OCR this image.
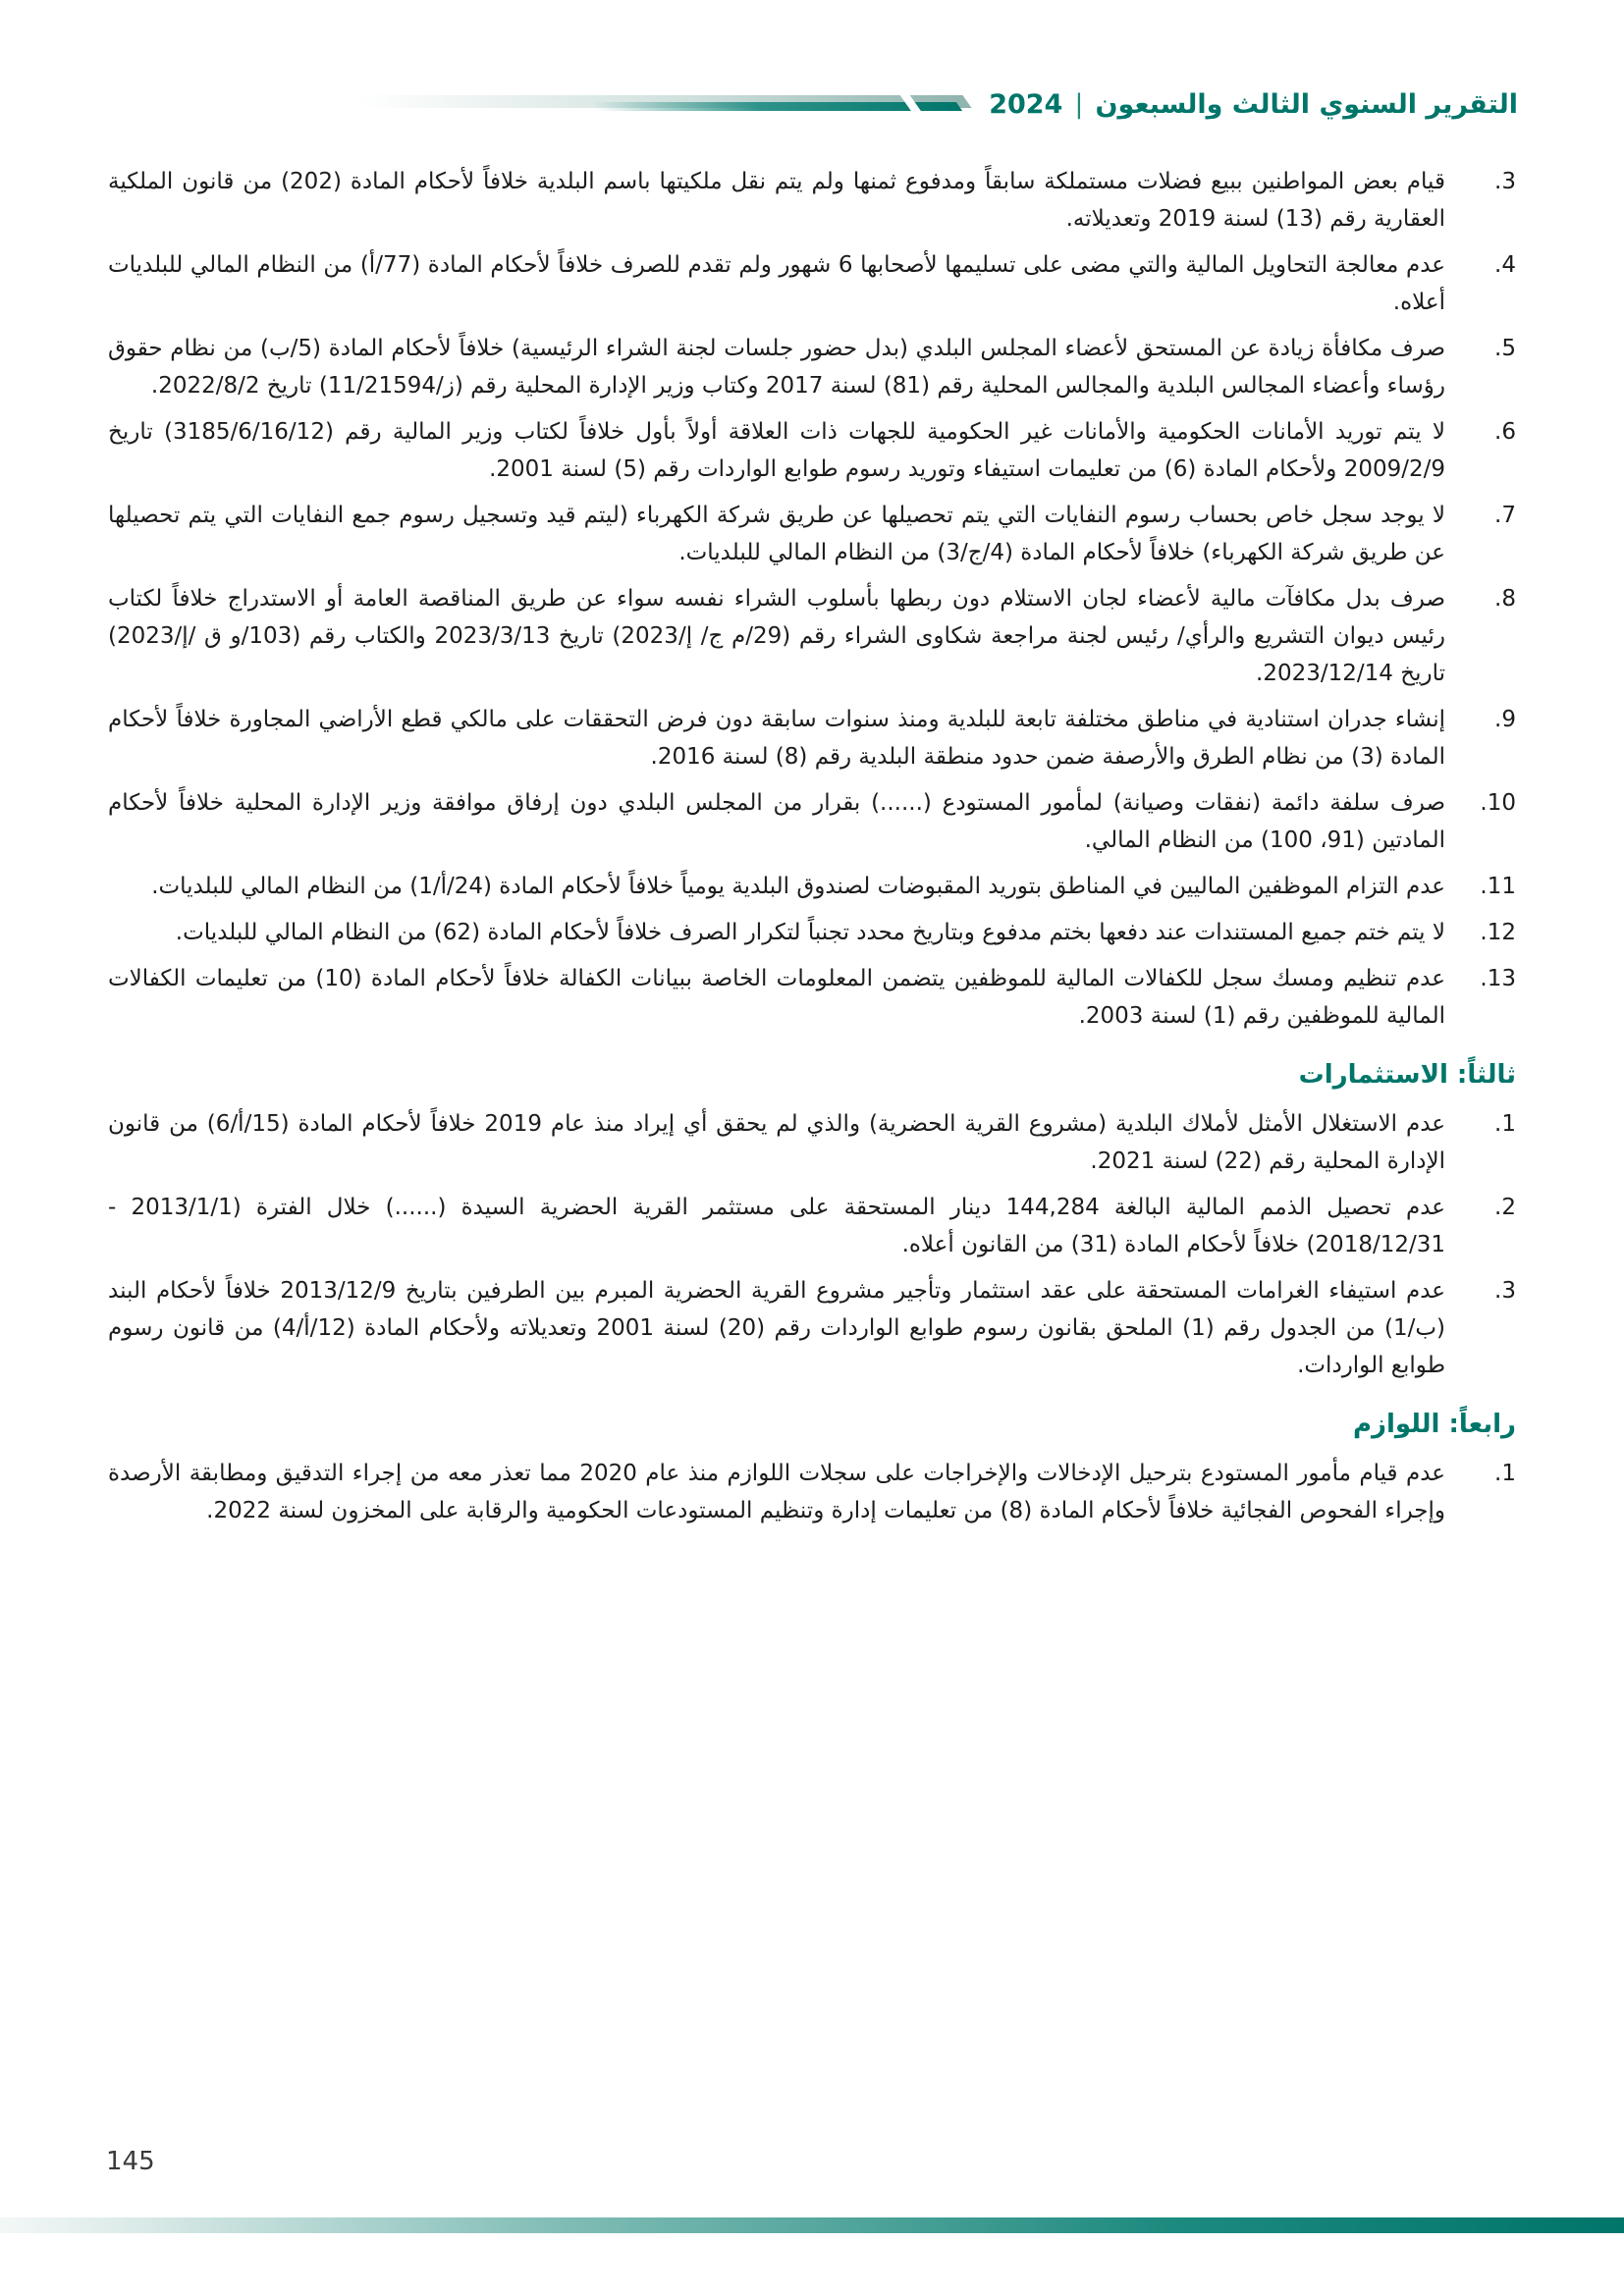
التقرير السنوي الثالث والسبعون
|
2024
3.

قيام بعض المواطنين ببيع فضلات مستملكة سابقاً ومدفوع ثمنها ولم يتم نقل ملكيتها باسم البلدية خلافاً لأحكام المادة (202) من قانون الملكية العقارية رقم (13) لسنة 2019 وتعديلاته.

4.

عدم معالجة التحاويل المالية والتي مضى على تسليمها لأصحابها 6 شهور ولم تقدم للصرف خلافاً لأحكام المادة (77/أ) من النظام المالي للبلديات أعلاه.

5.

صرف مكافأة زيادة عن المستحق لأعضاء المجلس البلدي (بدل حضور جلسات لجنة الشراء الرئيسية) خلافاً لأحكام المادة (5/ب) من نظام حقوق رؤساء وأعضاء المجالس البلدية والمجالس المحلية رقم (81) لسنة 2017 وكتاب وزير الإدارة المحلية رقم (ز/11/21594) تاريخ 2022/8/2.

6.

لا يتم توريد الأمانات الحكومية والأمانات غير الحكومية للجهات ذات العلاقة أولاً بأول خلافاً لكتاب وزير المالية رقم (3185/6/16/12) تاريخ 2009/2/9 ولأحكام المادة (6) من تعليمات استيفاء وتوريد رسوم طوابع الواردات رقم (5) لسنة 2001.

7.

لا يوجد سجل خاص بحساب رسوم النفايات التي يتم تحصيلها عن طريق شركة الكهرباء (ليتم قيد وتسجيل رسوم جمع النفايات التي يتم تحصيلها عن طريق شركة الكهرباء) خلافاً لأحكام المادة (4/ج/3) من النظام المالي للبلديات.

8.

صرف بدل مكافآت مالية لأعضاء لجان الاستلام دون ربطها بأسلوب الشراء نفسه سواء عن طريق المناقصة العامة أو الاستدراج خلافاً لكتاب رئيس ديوان التشريع والرأي/ رئيس لجنة مراجعة شكاوى الشراء رقم (29/م ج/ إ/2023) تاريخ 2023/3/13 والكتاب رقم (103/و ق /إ/2023) تاريخ 2023/12/14.

9.

إنشاء جدران استنادية في مناطق مختلفة تابعة للبلدية ومنذ سنوات سابقة دون فرض التحققات على مالكي قطع الأراضي المجاورة خلافاً لأحكام المادة (3) من نظام الطرق والأرصفة ضمن حدود منطقة البلدية رقم (8) لسنة 2016.

10.

صرف سلفة دائمة (نفقات وصيانة) لمأمور المستودع (......) بقرار من المجلس البلدي دون إرفاق موافقة وزير الإدارة المحلية خلافاً لأحكام المادتين (91، 100) من النظام المالي.

11.

عدم التزام الموظفين الماليين في المناطق بتوريد المقبوضات لصندوق البلدية يومياً خلافاً لأحكام المادة (24/أ/1) من النظام المالي للبلديات.

12.

لا يتم ختم جميع المستندات عند دفعها بختم مدفوع وبتاريخ محدد تجنباً لتكرار الصرف خلافاً لأحكام المادة (62) من النظام المالي للبلديات.

13.

عدم تنظيم ومسك سجل للكفالات المالية للموظفين يتضمن المعلومات الخاصة ببيانات الكفالة خلافاً لأحكام المادة (10) من تعليمات الكفالات المالية للموظفين رقم (1) لسنة 2003.

ثالثاً: الاستثمارات
1.

عدم الاستغلال الأمثل لأملاك البلدية (مشروع القرية الحضرية) والذي لم يحقق أي إيراد منذ عام 2019 خلافاً لأحكام المادة (15/أ/6) من قانون الإدارة المحلية رقم (22) لسنة 2021.

2.

عدم تحصيل الذمم المالية البالغة 144,284 دينار المستحقة على مستثمر القرية الحضرية السيدة (......) خلال الفترة (2013/1/1 - 2018/12/31) خلافاً لأحكام المادة (31) من القانون أعلاه.

3.

عدم استيفاء الغرامات المستحقة على عقد استثمار وتأجير مشروع القرية الحضرية المبرم بين الطرفين بتاريخ 2013/12/9 خلافاً لأحكام البند (ب/1) من الجدول رقم (1) الملحق بقانون رسوم طوابع الواردات رقم (20) لسنة 2001 وتعديلاته ولأحكام المادة (12/أ/4) من قانون رسوم طوابع الواردات.

رابعاً: اللوازم
1.

عدم قيام مأمور المستودع بترحيل الإدخالات والإخراجات على سجلات اللوازم منذ عام 2020 مما تعذر معه من إجراء التدقيق ومطابقة الأرصدة وإجراء الفحوص الفجائية خلافاً لأحكام المادة (8) من تعليمات إدارة وتنظيم المستودعات الحكومية والرقابة على المخزون لسنة 2022.

145
